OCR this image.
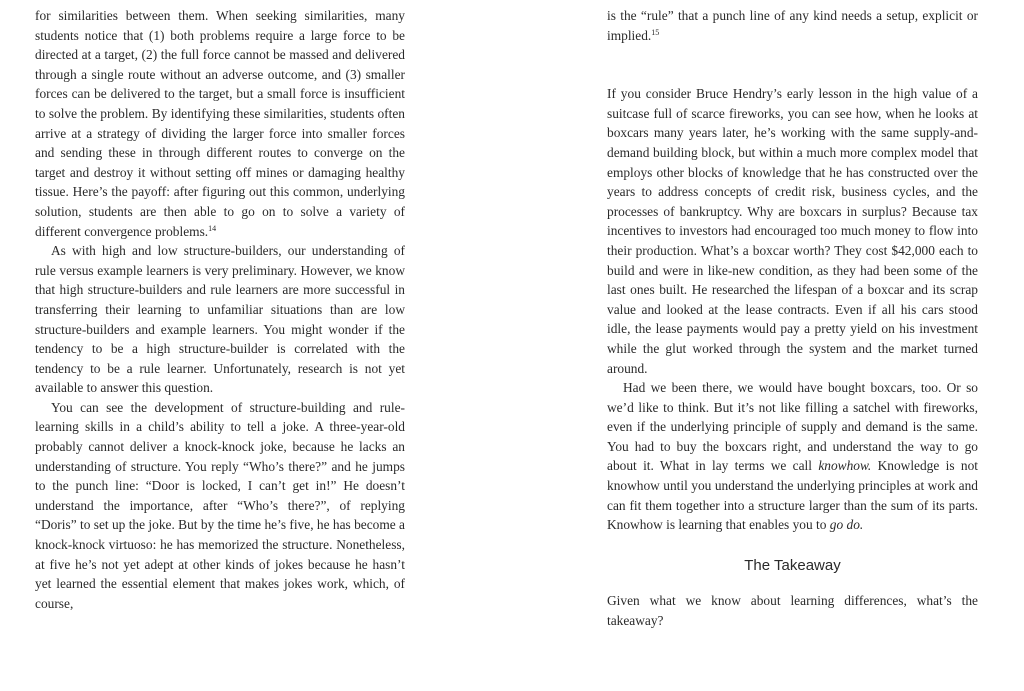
for similarities between them. When seeking similarities, many students notice that (1) both problems require a large force to be directed at a target, (2) the full force cannot be massed and delivered through a single route without an adverse outcome, and (3) smaller forces can be delivered to the target, but a small force is insufficient to solve the problem. By identifying these similarities, students often arrive at a strategy of dividing the larger force into smaller forces and sending these in through different routes to converge on the target and destroy it without setting off mines or damaging healthy tissue. Here’s the payoff: after figuring out this common, underlying solution, students are then able to go on to solve a variety of different convergence problems.$^{14}$

As with high and low structure-builders, our understanding of rule versus example learners is very preliminary. However, we know that high structure-builders and rule learners are more successful in transferring their learning to unfamiliar situations than are low structure-builders and example learners. You might wonder if the tendency to be a high structure-builder is correlated with the tendency to be a rule learner. Unfortunately, research is not yet available to answer this question.

You can see the development of structure-building and rule-learning skills in a child’s ability to tell a joke. A three-year-old probably cannot deliver a knock-knock joke, because he lacks an understanding of structure. You reply “Who’s there?” and he jumps to the punch line: “Door is locked, I can’t get in!” He doesn’t understand the importance, after “Who’s there?”, of replying “Doris” to set up the joke. But by the time he’s five, he has become a knock-knock virtuoso: he has memorized the structure. Nonetheless, at five he’s not yet adept at other kinds of jokes because he hasn’t yet learned the essential element that makes jokes work, which, of course,

is the “rule” that a punch line of any kind needs a setup, explicit or implied.$^{15}$

If you consider Bruce Hendry’s early lesson in the high value of a suitcase full of scarce fireworks, you can see how, when he looks at boxcars many years later, he’s working with the same supply-and-demand building block, but within a much more complex model that employs other blocks of knowledge that he has constructed over the years to address concepts of credit risk, business cycles, and the processes of bankruptcy. Why are boxcars in surplus? Because tax incentives to investors had encouraged too much money to flow into their production. What’s a boxcar worth? They cost $42,000 each to build and were in like-new condition, as they had been some of the last ones built. He researched the lifespan of a boxcar and its scrap value and looked at the lease contracts. Even if all his cars stood idle, the lease payments would pay a pretty yield on his investment while the glut worked through the system and the market turned around.

Had we been there, we would have bought boxcars, too. Or so we’d like to think. But it’s not like filling a satchel with fireworks, even if the underlying principle of supply and demand is the same. You had to buy the boxcars right, and understand the way to go about it. What in lay terms we call knowhow. Knowledge is not knowhow until you understand the underlying principles at work and can fit them together into a structure larger than the sum of its parts. Knowhow is learning that enables you to go do.

The Takeaway

Given what we know about learning differences, what’s the takeaway?
